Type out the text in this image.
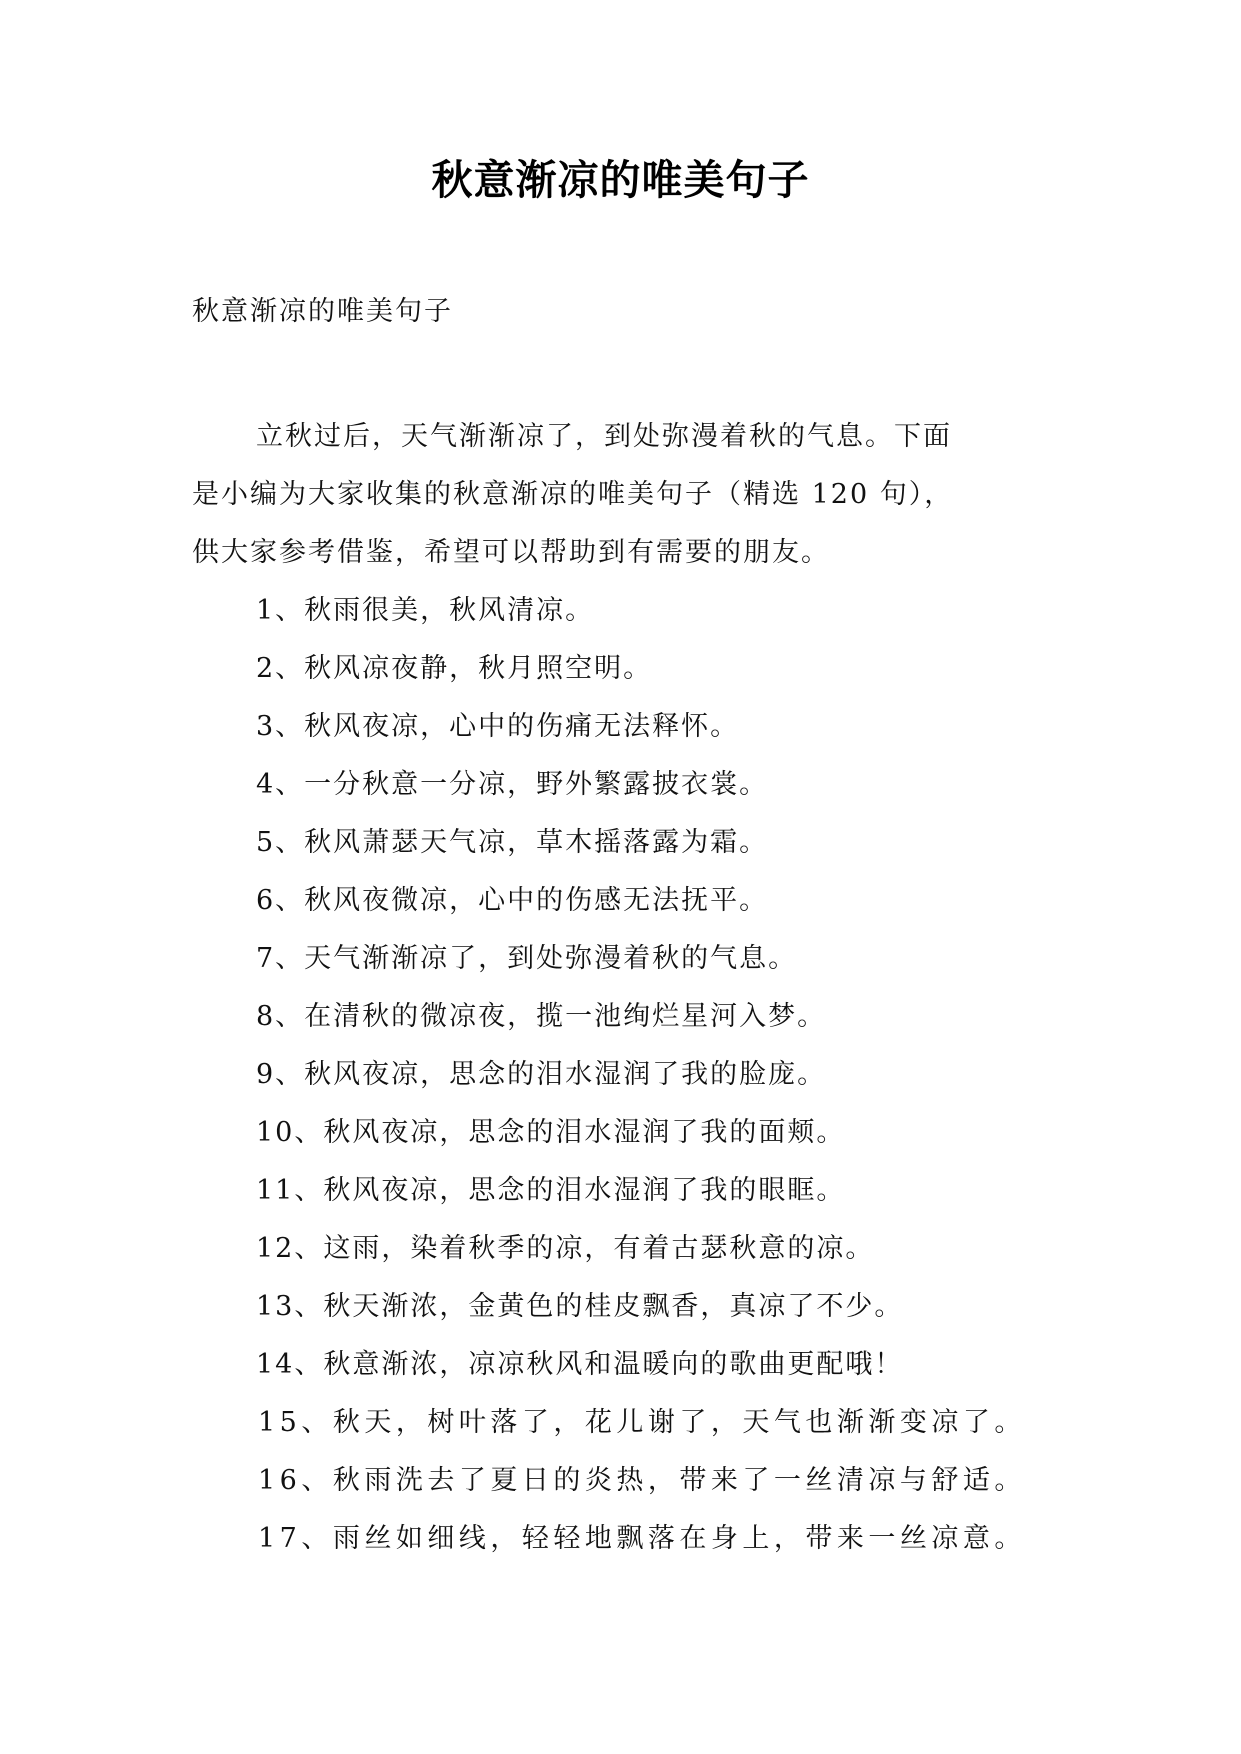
秋意渐凉的唯美句子
秋意渐凉的唯美句子
立秋过后，天气渐渐凉了，到处弥漫着秋的气息。下面
是小编为大家收集的秋意渐凉的唯美句子（精选 120 句），
供大家参考借鉴，希望可以帮助到有需要的朋友。
1、秋雨很美，秋风清凉。
2、秋风凉夜静，秋月照空明。
3、秋风夜凉，心中的伤痛无法释怀。
4、一分秋意一分凉，野外繁露披衣裳。
5、秋风萧瑟天气凉，草木摇落露为霜。
6、秋风夜微凉，心中的伤感无法抚平。
7、天气渐渐凉了，到处弥漫着秋的气息。
8、在清秋的微凉夜，揽一池绚烂星河入梦。
9、秋风夜凉，思念的泪水湿润了我的脸庞。
10、秋风夜凉，思念的泪水湿润了我的面颊。
11、秋风夜凉，思念的泪水湿润了我的眼眶。
12、这雨，染着秋季的凉，有着古瑟秋意的凉。
13、秋天渐浓，金黄色的桂皮飘香，真凉了不少。
14、秋意渐浓，凉凉秋风和温暖向的歌曲更配哦！
15、秋天，树叶落了，花儿谢了，天气也渐渐变凉了。
16、秋雨洗去了夏日的炎热，带来了一丝清凉与舒适。
17、雨丝如细线，轻轻地飘落在身上，带来一丝凉意。
